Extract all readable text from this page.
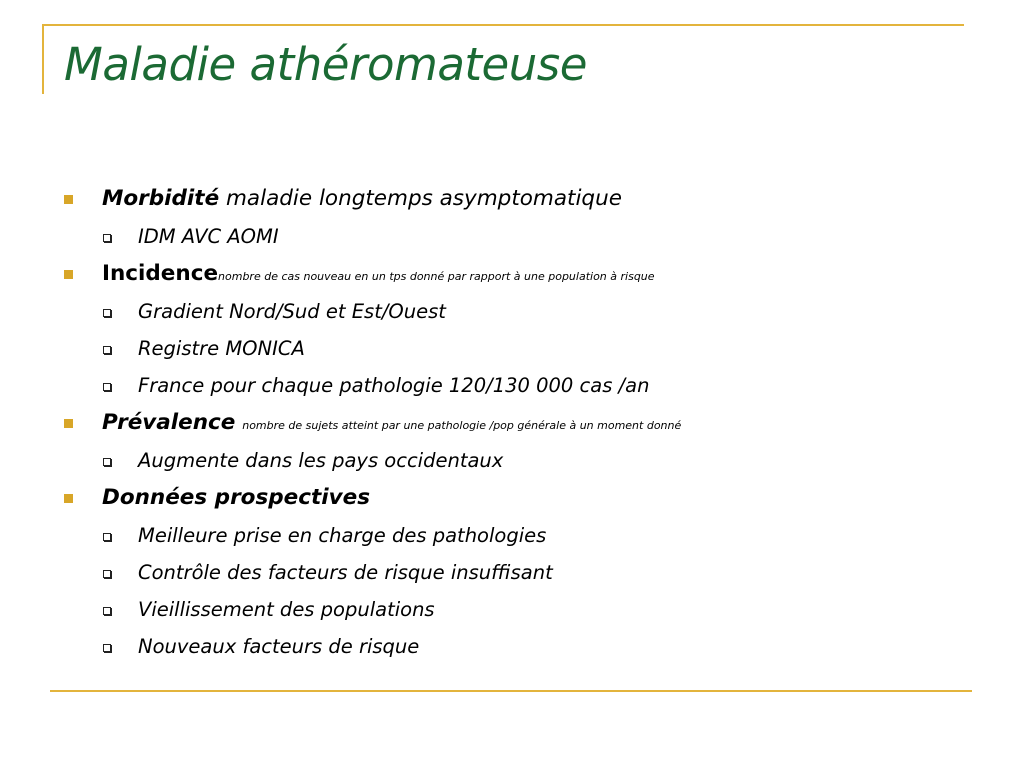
Maladie athéromateuse
Morbidité maladie longtemps asymptomatique
IDM AVC AOMI
Incidencenombre de cas nouveau en un tps donné par rapport à une population à risque
Gradient Nord/Sud et Est/Ouest
Registre MONICA
France pour chaque pathologie 120/130 000 cas /an
Prévalence nombre de sujets atteint par une pathologie /pop générale à un moment donné
Augmente dans les pays occidentaux
Données prospectives
Meilleure prise en charge des pathologies
Contrôle des facteurs de risque insuffisant
Vieillissement des populations
Nouveaux facteurs de risque
